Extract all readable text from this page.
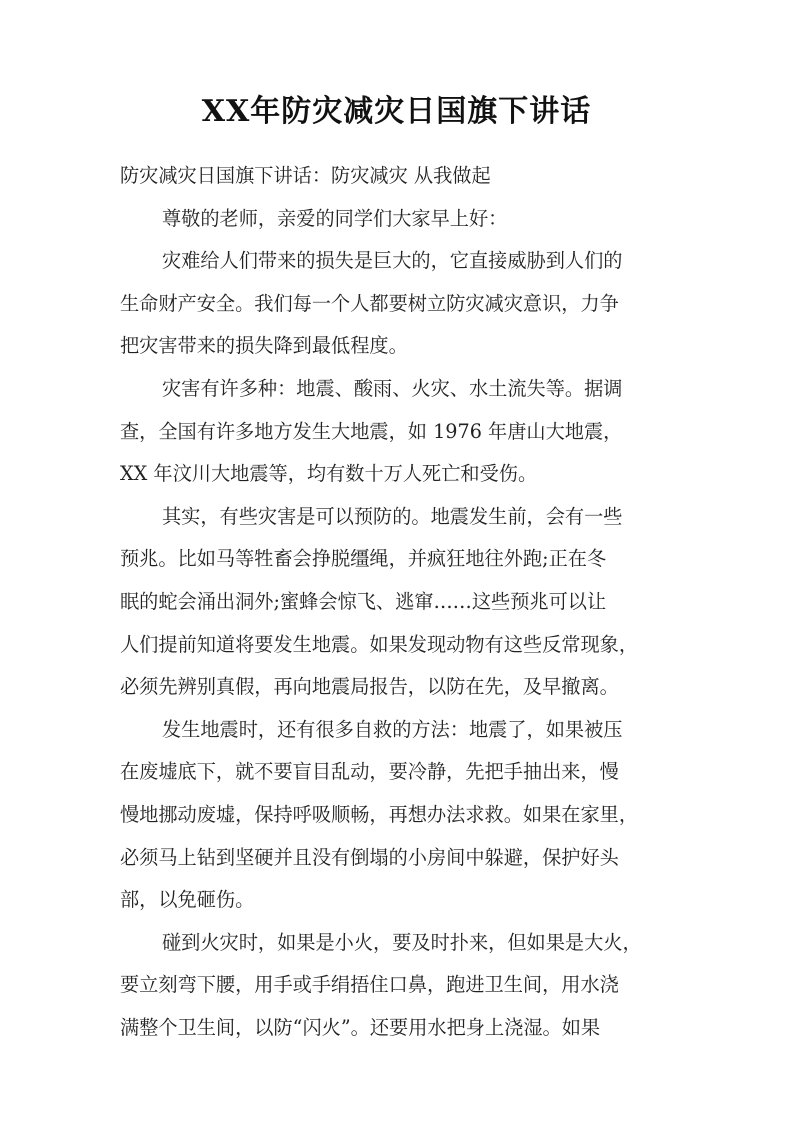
XX年防灾减灾日国旗下讲话
防灾减灾日国旗下讲话：防灾减灾 从我做起
尊敬的老师，亲爱的同学们大家早上好：
灾难给人们带来的损失是巨大的，它直接威胁到人们的
生命财产安全。我们每一个人都要树立防灾减灾意识，力争
把灾害带来的损失降到最低程度。
灾害有许多种：地震、酸雨、火灾、水土流失等。据调
查，全国有许多地方发生大地震，如 1976 年唐山大地震，
XX 年汶川大地震等，均有数十万人死亡和受伤。
其实，有些灾害是可以预防的。地震发生前，会有一些
预兆。比如马等牲畜会挣脱缰绳，并疯狂地往外跑;正在冬
眠的蛇会涌出洞外;蜜蜂会惊飞、逃窜……这些预兆可以让
人们提前知道将要发生地震。如果发现动物有这些反常现象，
必须先辨别真假，再向地震局报告，以防在先，及早撤离。
发生地震时，还有很多自救的方法：地震了，如果被压
在废墟底下，就不要盲目乱动，要冷静，先把手抽出来，慢
慢地挪动废墟，保持呼吸顺畅，再想办法求救。如果在家里，
必须马上钻到坚硬并且没有倒塌的小房间中躲避，保护好头
部，以免砸伤。
碰到火灾时，如果是小火，要及时扑来，但如果是大火，
要立刻弯下腰，用手或手绢捂住口鼻，跑进卫生间，用水浇
满整个卫生间，以防“闪火”。还要用水把身上浇湿。如果
